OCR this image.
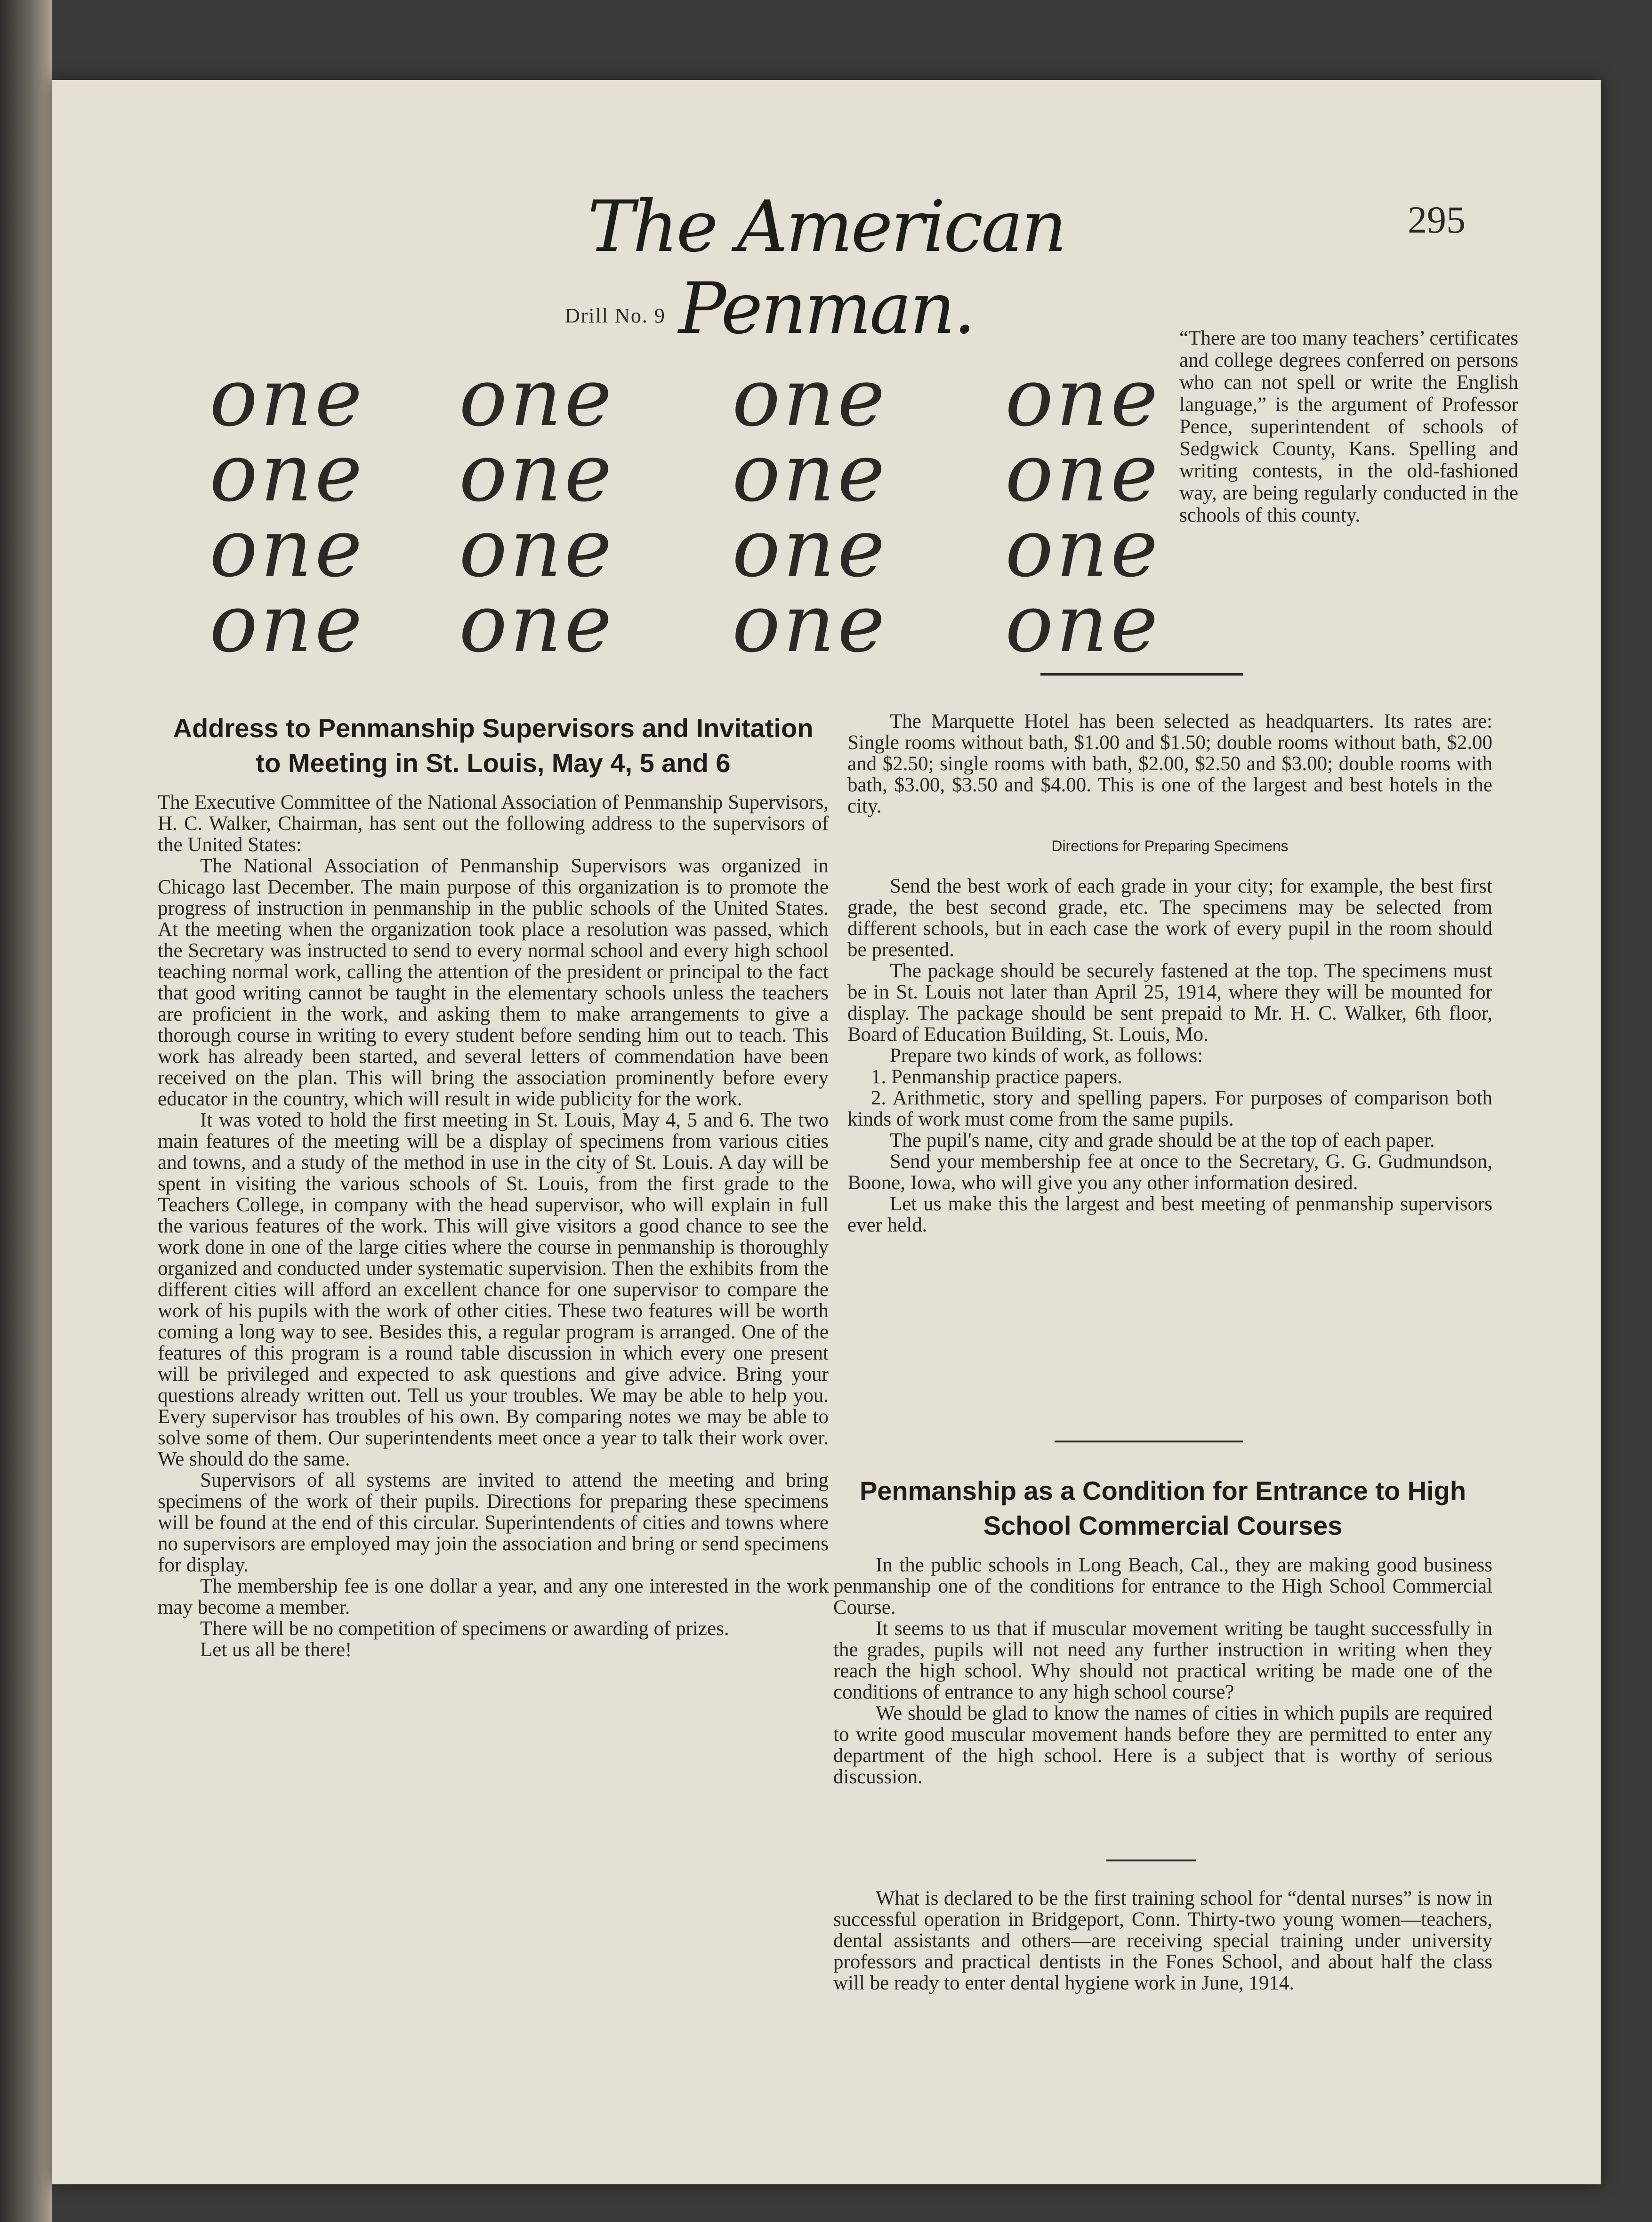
The American Penman.
295
Drill No. 9
one one one one
one one one one
one one one one
one one one one
“There are too many teachers’ certificates and college degrees conferred on persons who can not spell or write the English language,” is the argument of Professor Pence, superintendent of schools of Sedgwick County, Kans. Spelling and writing contests, in the old-fashioned way, are being regularly conducted in the schools of this county.
Address to Penmanship Supervisors and Invitation to Meeting in St. Louis, May 4, 5 and 6

The Executive Committee of the National Association of Penmanship Supervisors, H. C. Walker, Chairman, has sent out the following address to the supervisors of the United States:

The National Association of Penmanship Supervisors was organized in Chicago last December. The main purpose of this organization is to promote the progress of instruction in penmanship in the public schools of the United States. At the meeting when the organization took place a resolution was passed, which the Secretary was instructed to send to every normal school and every high school teaching normal work, calling the attention of the president or principal to the fact that good writing cannot be taught in the elementary schools unless the teachers are proficient in the work, and asking them to make arrangements to give a thorough course in writing to every student before sending him out to teach. This work has already been started, and several letters of commendation have been received on the plan. This will bring the association prominently before every educator in the country, which will result in wide publicity for the work.

It was voted to hold the first meeting in St. Louis, May 4, 5 and 6. The two main features of the meeting will be a display of specimens from various cities and towns, and a study of the method in use in the city of St. Louis. A day will be spent in visiting the various schools of St. Louis, from the first grade to the Teachers College, in company with the head supervisor, who will explain in full the various features of the work. This will give visitors a good chance to see the work done in one of the large cities where the course in penmanship is thoroughly organized and conducted under systematic supervision. Then the exhibits from the different cities will afford an excellent chance for one supervisor to compare the work of his pupils with the work of other cities. These two features will be worth coming a long way to see. Besides this, a regular program is arranged. One of the features of this program is a round table discussion in which every one present will be privileged and expected to ask questions and give advice. Bring your questions already written out. Tell us your troubles. We may be able to help you. Every supervisor has troubles of his own. By comparing notes we may be able to solve some of them. Our superintendents meet once a year to talk their work over. We should do the same.

Supervisors of all systems are invited to attend the meeting and bring specimens of the work of their pupils. Directions for preparing these specimens will be found at the end of this circular. Superintendents of cities and towns where no supervisors are employed may join the association and bring or send specimens for display.

The membership fee is one dollar a year, and any one interested in the work may become a member.

There will be no competition of specimens or awarding of prizes.

Let us all be there!

The Marquette Hotel has been selected as headquarters. Its rates are: Single rooms without bath, $1.00 and $1.50; double rooms without bath, $2.00 and $2.50; single rooms with bath, $2.00, $2.50 and $3.00; double rooms with bath, $3.00, $3.50 and $4.00. This is one of the largest and best hotels in the city.

Directions for Preparing Specimens

Send the best work of each grade in your city; for example, the best first grade, the best second grade, etc. The specimens may be selected from different schools, but in each case the work of every pupil in the room should be presented.

The package should be securely fastened at the top. The specimens must be in St. Louis not later than April 25, 1914, where they will be mounted for display. The package should be sent prepaid to Mr. H. C. Walker, 6th floor, Board of Education Building, St. Louis, Mo.

Prepare two kinds of work, as follows:

1. Penmanship practice papers.

2. Arithmetic, story and spelling papers. For purposes of comparison both kinds of work must come from the same pupils.

The pupil's name, city and grade should be at the top of each paper.

Send your membership fee at once to the Secretary, G. G. Gudmundson, Boone, Iowa, who will give you any other information desired.

Let us make this the largest and best meeting of penmanship supervisors ever held.

Penmanship as a Condition for Entrance to High School Commercial Courses

In the public schools in Long Beach, Cal., they are making good business penmanship one of the conditions for entrance to the High School Commercial Course.

It seems to us that if muscular movement writing be taught successfully in the grades, pupils will not need any further instruction in writing when they reach the high school. Why should not practical writing be made one of the conditions of entrance to any high school course?

We should be glad to know the names of cities in which pupils are required to write good muscular movement hands before they are permitted to enter any department of the high school. Here is a subject that is worthy of serious discussion.

What is declared to be the first training school for “dental nurses” is now in successful operation in Bridgeport, Conn. Thirty-two young women—teachers, dental assistants and others—are receiving special training under university professors and practical dentists in the Fones School, and about half the class will be ready to enter dental hygiene work in June, 1914.
